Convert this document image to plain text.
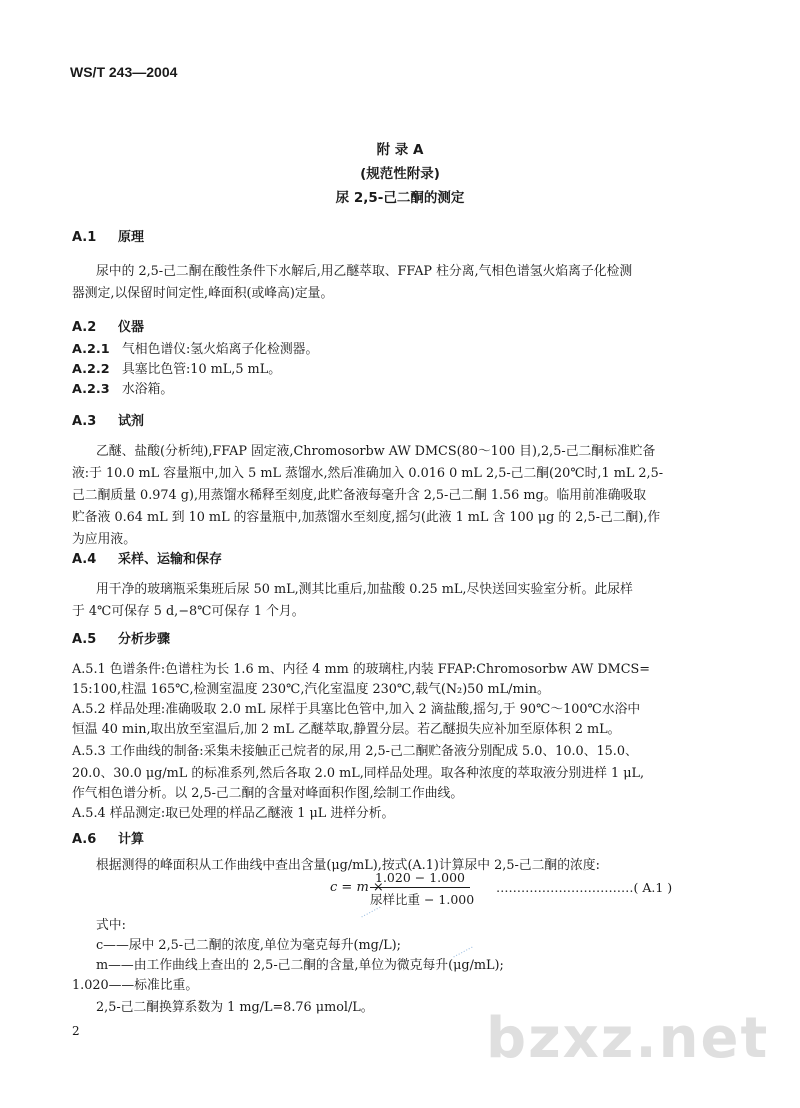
WS/T 243—2004
附 录 A
(规范性附录)
尿 2,5-己二酮的测定
A.1 原理
尿中的 2,5-己二酮在酸性条件下水解后,用乙醚萃取、FFAP 柱分离,气相色谱氢火焰离子化检测
器测定,以保留时间定性,峰面积(或峰高)定量。
A.2 仪器
A.2.1 气相色谱仪:氢火焰离子化检测器。
A.2.2 具塞比色管:10 mL,5 mL。
A.2.3 水浴箱。
A.3 试剂
乙醚、盐酸(分析纯),FFAP 固定液,Chromosorbw AW DMCS(80～100 目),2,5-己二酮标准贮备
液:于 10.0 mL 容量瓶中,加入 5 mL 蒸馏水,然后准确加入 0.016 0 mL 2,5-己二酮(20℃时,1 mL 2,5-
己二酮质量 0.974 g),用蒸馏水稀释至刻度,此贮备液每毫升含 2,5-己二酮 1.56 mg。临用前准确吸取
贮备液 0.64 mL 到 10 mL 的容量瓶中,加蒸馏水至刻度,摇匀(此液 1 mL 含 100 μg 的 2,5-己二酮),作
为应用液。
A.4 采样、运输和保存
用干净的玻璃瓶采集班后尿 50 mL,测其比重后,加盐酸 0.25 mL,尽快送回实验室分析。此尿样
于 4℃可保存 5 d,−8℃可保存 1 个月。
A.5 分析步骤
A.5.1 色谱条件:色谱柱为长 1.6 m、内径 4 mm 的玻璃柱,内装 FFAP:Chromosorbw AW DMCS=
15:100,柱温 165℃,检测室温度 230℃,汽化室温度 230℃,载气(N₂)50 mL/min。
A.5.2 样品处理:准确吸取 2.0 mL 尿样于具塞比色管中,加入 2 滴盐酸,摇匀,于 90℃～100℃水浴中
恒温 40 min,取出放至室温后,加 2 mL 乙醚萃取,静置分层。若乙醚损失应补加至原体积 2 mL。
A.5.3 工作曲线的制备:采集未接触正己烷者的尿,用 2,5-己二酮贮备液分别配成 5.0、10.0、15.0、
20.0、30.0 μg/mL 的标准系列,然后各取 2.0 mL,同样品处理。取各种浓度的萃取液分别进样 1 μL,
作气相色谱分析。以 2,5-己二酮的含量对峰面积作图,绘制工作曲线。
A.5.4 样品测定:取已处理的样品乙醚液 1 μL 进样分析。
A.6 计算
根据测得的峰面积从工作曲线中查出含量(μg/mL),按式(A.1)计算尿中 2,5-己二酮的浓度:
c = m ×
1.020 − 1.000
尿样比重 − 1.000
……………………………( A.1 )
式中:
c——尿中 2,5-己二酮的浓度,单位为毫克每升(mg/L);
m——由工作曲线上查出的 2,5-己二酮的含量,单位为微克每升(μg/mL);
1.020——标准比重。
2,5-己二酮换算系数为 1 mg/L=8.76 μmol/L。
········
········
bzxz.net
2
